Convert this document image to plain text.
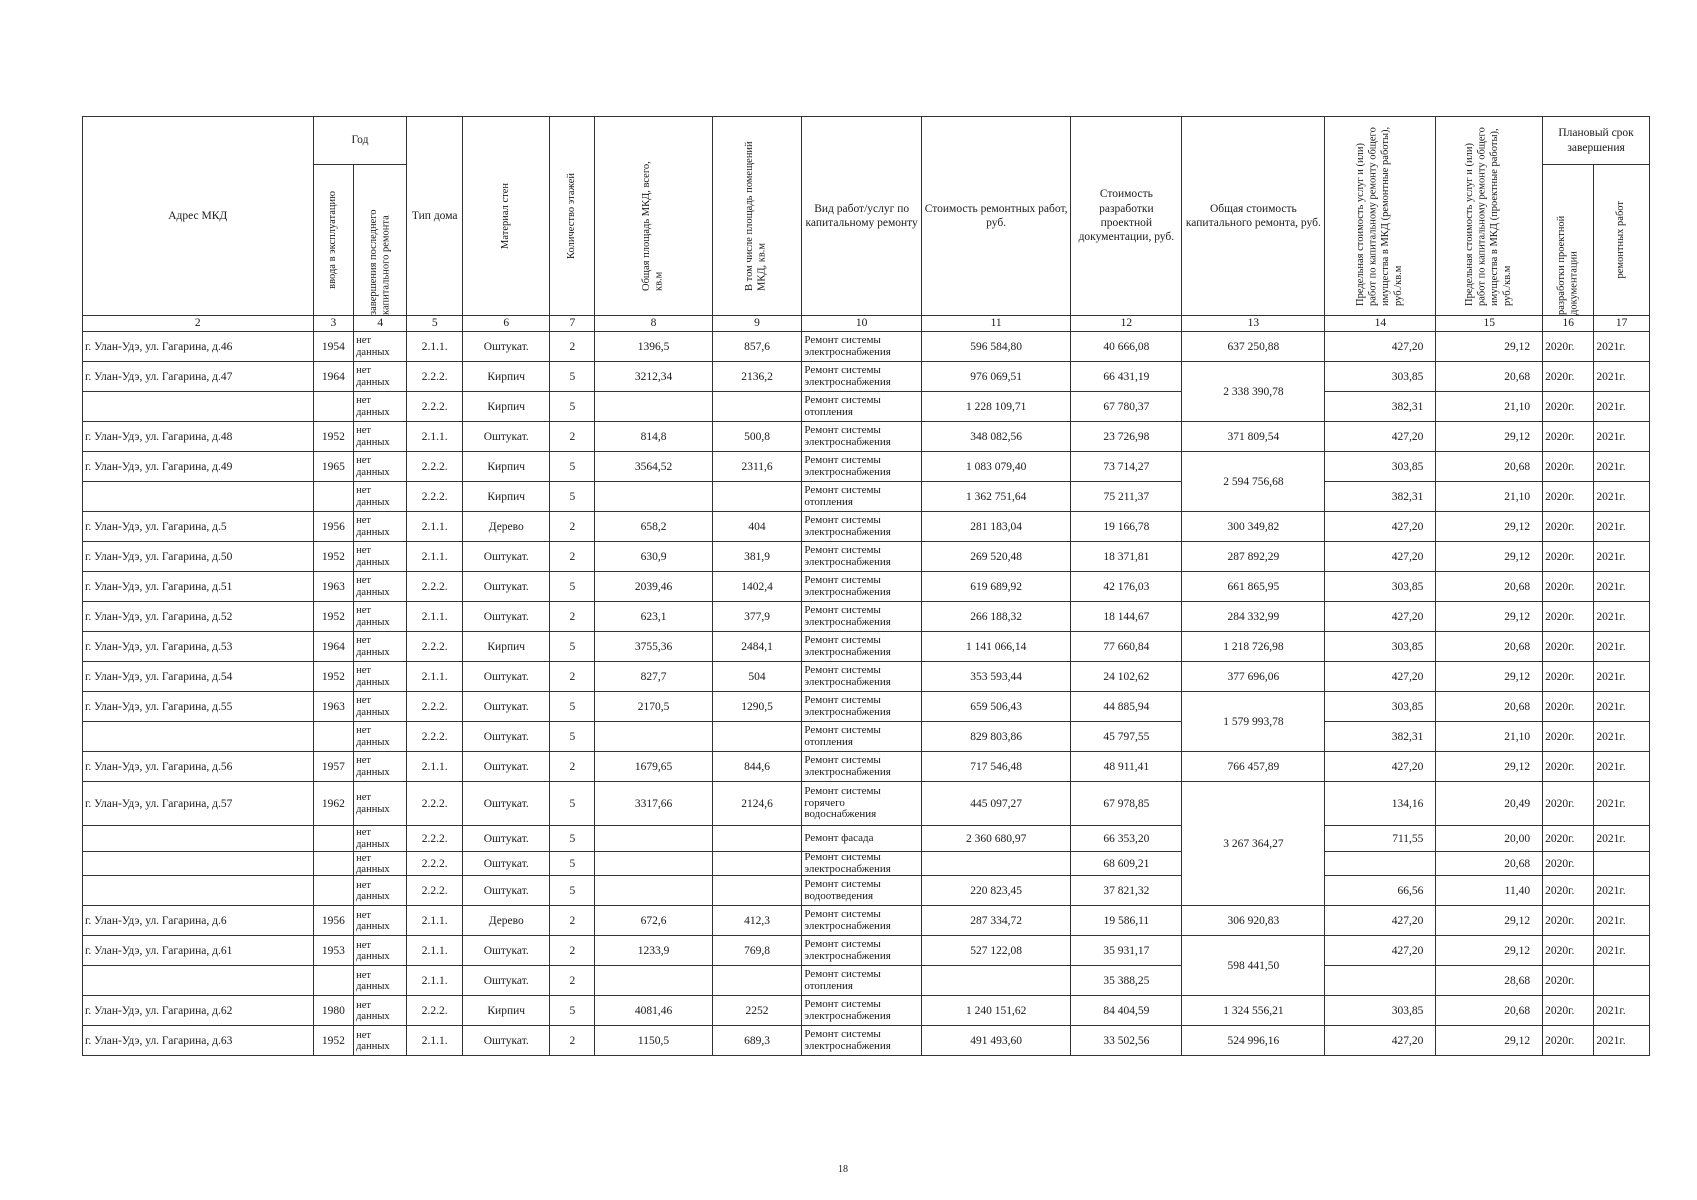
Адрес МКД	Год		Тип дома	Материал стен	Количество этажей	Общая площадь МКД, всего, кв.м	В том числе площадь помещений МКД, кв.м	Вид работ/услуг по капитальному ремонту	Стоимость ремонтных работ, руб.	Стоимость разработки проектной документации, руб.	Общая стоимость капитального ремонта, руб.	Предельная стоимость услуг и (или) работ по капитальному ремонту общего имущества в МКД (ремонтные работы), руб./кв.м	Предельная стоимость услуг и (или) работ по капитальному ремонту общего имущества в МКД (проектные работы), руб./кв.м	Плановый срок завершения	

	ввода в эксплуатацию	завершения последнего капитального ремонта												разработки проектной документации	ремонтных работ

2	3	4	5	6	7	8	9	10	11	12	13	14	15	16	17
г. Улан-Удэ, ул. Гагарина, д.46	1954	нет данных	2.1.1.	Оштукат.	2	1396,5	857,6	Ремонт системы электроснабжения	596 584,80	40 666,08	637 250,88	427,20	29,12	2020г.	2021г.
г. Улан-Удэ, ул. Гагарина, д.47	1964	нет данных	2.2.2.	Кирпич	5	3212,34	2136,2	Ремонт системы электроснабжения	976 069,51	66 431,19	2 338 390,78	303,85	20,68	2020г.	2021г.
		нет данных	2.2.2.	Кирпич	5			Ремонт системы отопления	1 228 109,71	67 780,37		382,31	21,10	2020г.	2021г.
г. Улан-Удэ, ул. Гагарина, д.48	1952	нет данных	2.1.1.	Оштукат.	2	814,8	500,8	Ремонт системы электроснабжения	348 082,56	23 726,98	371 809,54	427,20	29,12	2020г.	2021г.
г. Улан-Удэ, ул. Гагарина, д.49	1965	нет данных	2.2.2.	Кирпич	5	3564,52	2311,6	Ремонт системы электроснабжения	1 083 079,40	73 714,27	2 594 756,68	303,85	20,68	2020г.	2021г.
		нет данных	2.2.2.	Кирпич	5			Ремонт системы отопления	1 362 751,64	75 211,37		382,31	21,10	2020г.	2021г.
г. Улан-Удэ, ул. Гагарина, д.5	1956	нет данных	2.1.1.	Дерево	2	658,2	404	Ремонт системы электроснабжения	281 183,04	19 166,78	300 349,82	427,20	29,12	2020г.	2021г.
г. Улан-Удэ, ул. Гагарина, д.50	1952	нет данных	2.1.1.	Оштукат.	2	630,9	381,9	Ремонт системы электроснабжения	269 520,48	18 371,81	287 892,29	427,20	29,12	2020г.	2021г.
г. Улан-Удэ, ул. Гагарина, д.51	1963	нет данных	2.2.2.	Оштукат.	5	2039,46	1402,4	Ремонт системы электроснабжения	619 689,92	42 176,03	661 865,95	303,85	20,68	2020г.	2021г.
г. Улан-Удэ, ул. Гагарина, д.52	1952	нет данных	2.1.1.	Оштукат.	2	623,1	377,9	Ремонт системы электроснабжения	266 188,32	18 144,67	284 332,99	427,20	29,12	2020г.	2021г.
г. Улан-Удэ, ул. Гагарина, д.53	1964	нет данных	2.2.2.	Кирпич	5	3755,36	2484,1	Ремонт системы электроснабжения	1 141 066,14	77 660,84	1 218 726,98	303,85	20,68	2020г.	2021г.
г. Улан-Удэ, ул. Гагарина, д.54	1952	нет данных	2.1.1.	Оштукат.	2	827,7	504	Ремонт системы электроснабжения	353 593,44	24 102,62	377 696,06	427,20	29,12	2020г.	2021г.
г. Улан-Удэ, ул. Гагарина, д.55	1963	нет данных	2.2.2.	Оштукат.	5	2170,5	1290,5	Ремонт системы электроснабжения	659 506,43	44 885,94	1 579 993,78	303,85	20,68	2020г.	2021г.
		нет данных	2.2.2.	Оштукат.	5			Ремонт системы отопления	829 803,86	45 797,55		382,31	21,10	2020г.	2021г.
г. Улан-Удэ, ул. Гагарина, д.56	1957	нет данных	2.1.1.	Оштукат.	2	1679,65	844,6	Ремонт системы электроснабжения	717 546,48	48 911,41	766 457,89	427,20	29,12	2020г.	2021г.
г. Улан-Удэ, ул. Гагарина, д.57	1962	нет данных	2.2.2.	Оштукат.	5	3317,66	2124,6	Ремонт системы горячего водоснабжения	445 097,27	67 978,85	3 267 364,27	134,16	20,49	2020г.	2021г.
		нет данных	2.2.2.	Оштукат.	5			Ремонт фасада	2 360 680,97	66 353,20		711,55	20,00	2020г.	2021г.
		нет данных	2.2.2.	Оштукат.	5			Ремонт системы электроснабжения		68 609,21			20,68	2020г.	
		нет данных	2.2.2.	Оштукат.	5			Ремонт системы водоотведения	220 823,45	37 821,32		66,56	11,40	2020г.	2021г.
г. Улан-Удэ, ул. Гагарина, д.6	1956	нет данных	2.1.1.	Дерево	2	672,6	412,3	Ремонт системы электроснабжения	287 334,72	19 586,11	306 920,83	427,20	29,12	2020г.	2021г.
г. Улан-Удэ, ул. Гагарина, д.61	1953	нет данных	2.1.1.	Оштукат.	2	1233,9	769,8	Ремонт системы электроснабжения	527 122,08	35 931,17	598 441,50	427,20	29,12	2020г.	2021г.
		нет данных	2.1.1.	Оштукат.	2			Ремонт системы отопления		35 388,25			28,68	2020г.	
г. Улан-Удэ, ул. Гагарина, д.62	1980	нет данных	2.2.2.	Кирпич	5	4081,46	2252	Ремонт системы электроснабжения	1 240 151,62	84 404,59	1 324 556,21	303,85	20,68	2020г.	2021г.
г. Улан-Удэ, ул. Гагарина, д.63	1952	нет данных	2.1.1.	Оштукат.	2	1150,5	689,3	Ремонт системы электроснабжения	491 493,60	33 502,56	524 996,16	427,20	29,12	2020г.	2021г.
18
